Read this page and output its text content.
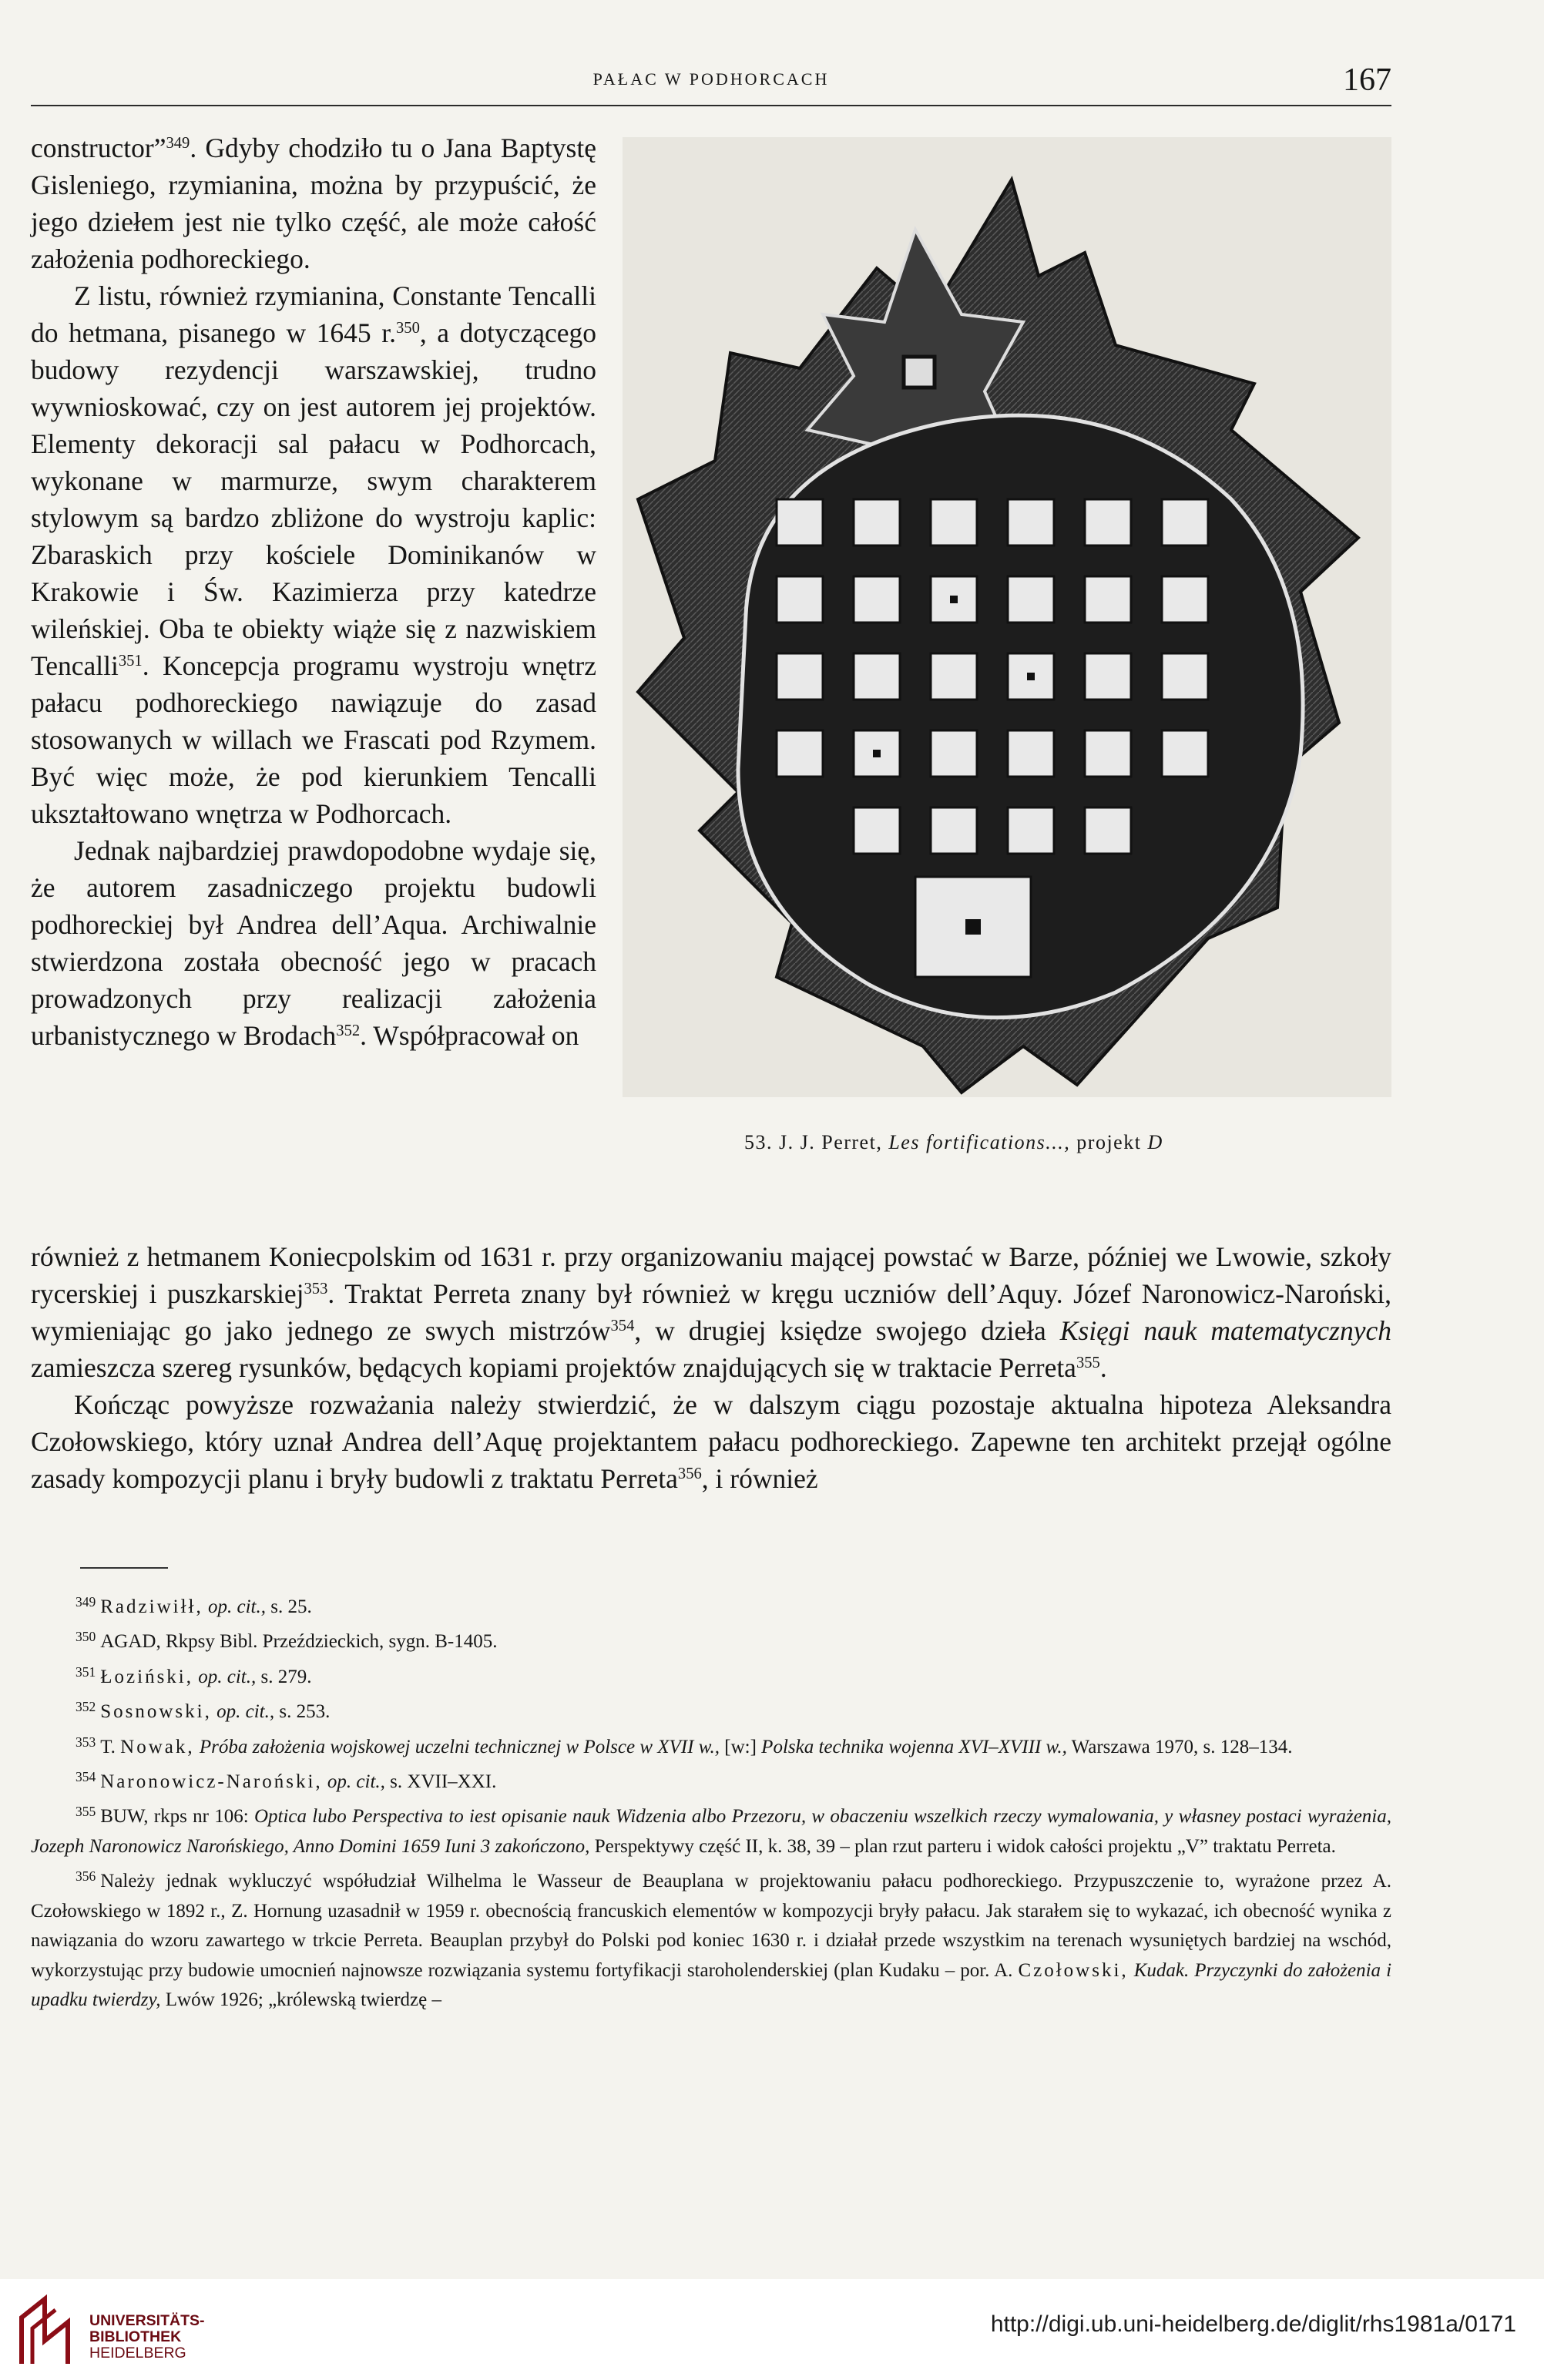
PAŁAC W PODHORCACH	167

constructor”$^{349}$. Gdyby chodziło tu o Jana Baptystę Gisleniego, rzymianina, można by przypuścić, że jego dziełem jest nie tylko część, ale może całość założenia podhoreckiego.

Z listu, również rzymianina, Constante Tencalli do hetmana, pisanego w 1645 r.$^{350}$, a dotyczącego budowy rezydencji warszawskiej, trudno wywnioskować, czy on jest autorem jej projektów. Elementy dekoracji sal pałacu w Podhorcach, wykonane w marmurze, swym charakterem stylowym są bardzo zbliżone do wystroju kaplic: Zbaraskich przy kościele Dominikanów w Krakowie i Św. Kazimierza przy katedrze wileńskiej. Oba te obiekty wiąże się z nazwiskiem Tencalli$^{351}$. Koncepcja programu wystroju wnętrz pałacu podhoreckiego nawiązuje do zasad stosowanych w willach we Frascati pod Rzymem. Być więc może, że pod kierunkiem Tencalli ukształtowano wnętrza w Podhorcach.

Jednak najbardziej prawdopodobne wydaje się, że autorem zasadniczego projektu budowli podhoreckiej był Andrea dell’Aqua. Archiwalnie stwierdzona została obecność jego w pracach prowadzonych przy realizacji założenia urbanistycznego w Brodach$^{352}$. Współpracował on

53. J. J. Perret, Les fortifications..., projekt D

również z hetmanem Koniecpolskim od 1631 r. przy organizowaniu mającej powstać w Barze, później we Lwowie, szkoły rycerskiej i puszkarskiej$^{353}$. Traktat Perreta znany był również w kręgu uczniów dell’Aquy. Józef Naronowicz-Naroński, wymieniając go jako jednego ze swych mistrzów$^{354}$, w drugiej księdze swojego dzieła Księgi nauk matematycznych zamieszcza szereg rysunków, będących kopiami projektów znajdujących się w traktacie Perreta$^{355}$.

Kończąc powyższe rozważania należy stwierdzić, że w dalszym ciągu pozostaje aktualna hipoteza Aleksandra Czołowskiego, który uznał Andrea dell’Aquę projektantem pałacu podhoreckiego. Zapewne ten architekt przejął ogólne zasady kompozycji planu i bryły budowli z traktatu Perreta$^{356}$, i również

$^{349}$ Radziwiłł, op. cit., s. 25.
$^{350}$ AGAD, Rkpsy Bibl. Przeździeckich, sygn. B-1405.
$^{351}$ Łoziński, op. cit., s. 279.
$^{352}$ Sosnowski, op. cit., s. 253.
$^{353}$ T. Nowak, Próba założenia wojskowej uczelni technicznej w Polsce w XVII w., [w:] Polska technika wojenna XVI–XVIII w., Warszawa 1970, s. 128–134.
$^{354}$ Naronowicz-Naroński, op. cit., s. XVII–XXI.
$^{355}$ BUW, rkps nr 106: Optica lubo Perspectiva to iest opisanie nauk Widzenia albo Przezoru, w obaczeniu wszelkich rzeczy wymalowania, y własney postaci wyrażenia, Jozeph Naronowicz Narońskiego, Anno Domini 1659 Iuni 3 zakończono, Perspektywy część II, k. 38, 39 – plan rzut parteru i widok całości projektu „V” traktatu Perreta.
$^{356}$ Należy jednak wykluczyć współudział Wilhelma le Wasseur de Beauplana w projektowaniu pałacu podhoreckiego. Przypuszczenie to, wyrażone przez A. Czołowskiego w 1892 r., Z. Hornung uzasadnił w 1959 r. obecnością francuskich elementów w kompozycji bryły pałacu. Jak starałem się to wykazać, ich obecność wynika z nawiązania do wzoru zawartego w trkcie Perreta. Beauplan przybył do Polski pod koniec 1630 r. i działał przede wszystkim na terenach wysuniętych bardziej na wschód, wykorzystując przy budowie umocnień najnowsze rozwiązania systemu fortyfikacji staroholenderskiej (plan Kudaku – por. A. Czołowski, Kudak. Przyczynki do założenia i upadku twierdzy, Lwów 1926; „królewską twierdzę –
UNIVERSITÄTS-
BIBLIOTHEK
HEIDELBERG
http://digi.ub.uni-heidelberg.de/diglit/rhs1981a/0171
